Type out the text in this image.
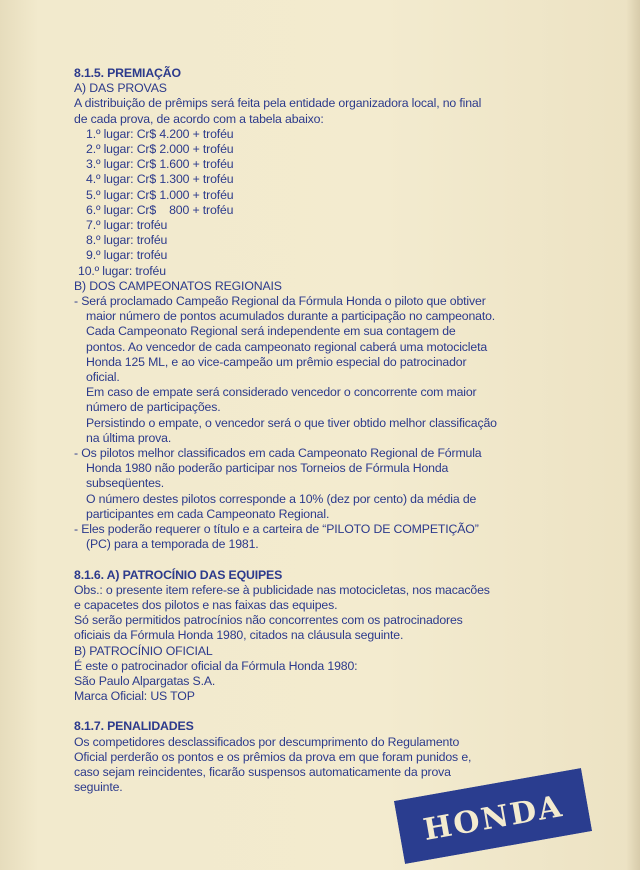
8.1.5. PREMIAÇÃO

A) DAS PROVAS

A distribuição de prêmips será feita pela entidade organizadora local, no final

de cada prova, de acordo com a tabela abaixo:

1.º lugar: Cr$ 4.200 + troféu
2.º lugar: Cr$ 2.000 + troféu
3.º lugar: Cr$ 1.600 + troféu
4.º lugar: Cr$ 1.300 + troféu
5.º lugar: Cr$ 1.000 + troféu
6.º lugar: Cr$    800 + troféu
7.º lugar: troféu
8.º lugar: troféu
9.º lugar: troféu
10.º lugar: troféu

B) DOS CAMPEONATOS REGIONAIS

- Será proclamado Campeão Regional da Fórmula Honda o piloto que obtiver

maior número de pontos acumulados durante a participação no campeonato.

Cada Campeonato Regional será independente em sua contagem de

pontos. Ao vencedor de cada campeonato regional caberá uma motocicleta

Honda 125 ML, e ao vice-campeão um prêmio especial do patrocinador

oficial.

Em caso de empate será considerado vencedor o concorrente com maior

número de participações.

Persistindo o empate, o vencedor será o que tiver obtido melhor classificação

na última prova.

- Os pilotos melhor classificados em cada Campeonato Regional de Fórmula

Honda 1980 não poderão participar nos Torneios de Fórmula Honda

subseqüentes.

O número destes pilotos corresponde a 10% (dez por cento) da média de

participantes em cada Campeonato Regional.

- Eles poderão requerer o título e a carteira de “PILOTO DE COMPETIÇÃO”

(PC) para a temporada de 1981.

8.1.6. A) PATROCÍNIO DAS EQUIPES

Obs.: o presente item refere-se à publicidade nas motocicletas, nos macacões

e capacetes dos pilotos e nas faixas das equipes.

Só serão permitidos patrocínios não concorrentes com os patrocinadores

oficiais da Fórmula Honda 1980, citados na cláusula seguinte.

B) PATROCÍNIO OFICIAL

É este o patrocinador oficial da Fórmula Honda 1980:

São Paulo Alpargatas S.A.

Marca Oficial: US TOP

8.1.7. PENALIDADES

Os competidores desclassificados por descumprimento do Regulamento

Oficial perderão os pontos e os prêmios da prova em que foram punidos e,

caso sejam reincidentes, ficarão suspensos automaticamente da prova

seguinte.

HONDA
